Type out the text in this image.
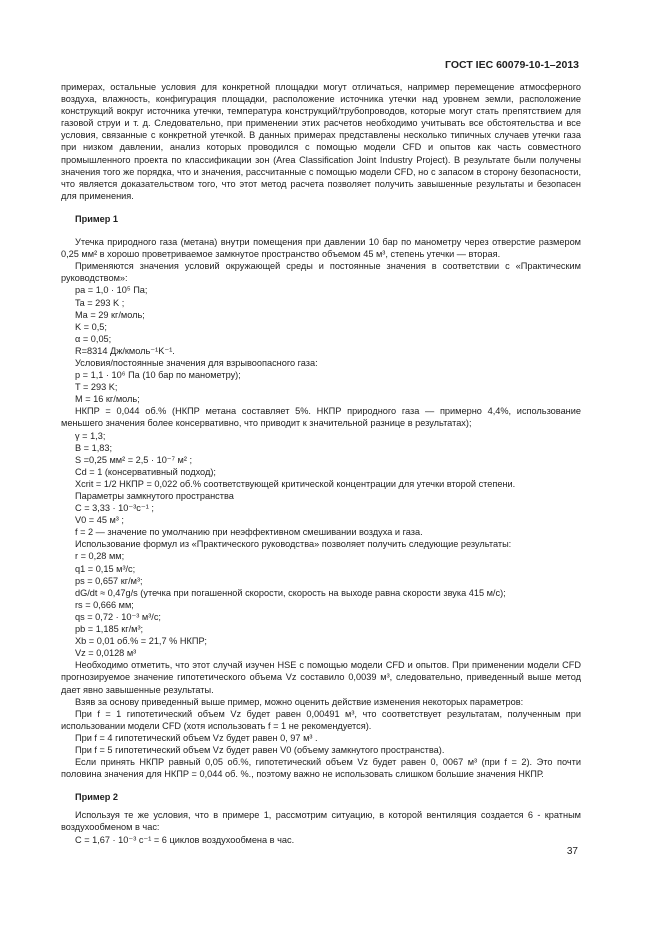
ГОСТ IEC 60079-10-1–2013

примерах, остальные условия для конкретной площадки могут отличаться, например перемещение атмосферного воздуха, влажность, конфигурация площадки, расположение источника утечки над уровнем земли, расположение конструкций вокруг источника утечки, температура конструкций/трубопроводов, которые могут стать препятствием для газовой струи и т. д. Следовательно, при применении этих расчетов необходимо учитывать все обстоятельства и все условия, связанные с конкретной утечкой. В данных примерах представлены несколько типичных случаев утечки газа при низком давлении, анализ которых проводился с помощью модели CFD и опытов как часть совместного промышленного проекта по классификации зон (Area Classification Joint Industry Project). В результате были получены значения того же порядка, что и значения, рассчитанные с помощью модели CFD, но с запасом в сторону безопасности, что является доказательством того, что этот метод расчета позволяет получить завышенные результаты и безопасен для применения.

Пример 1

Утечка природного газа (метана) внутри помещения при давлении 10 бар по манометру через отверстие размером 0,25 мм² в хорошо проветриваемое замкнутое пространство объемом 45 м³, степень утечки — вторая.

Применяются значения условий окружающей среды и постоянные значения в соответствии с «Практическим руководством»:

pa = 1,0 · 10⁵ Па;

Ta = 293 K ;

Ma = 29 кг/моль;

K = 0,5;

α = 0,05;

R=8314 Дж/кмоль⁻¹K⁻¹.

Условия/постоянные значения для взрывоопасного газа:

p = 1,1 · 10⁶ Па (10 бар по манометру);

T = 293 K;

M = 16 кг/моль;

НКПР = 0,044 об.% (НКПР метана составляет 5%. НКПР природного газа — примерно 4,4%, использование меньшего значения более консервативно, что приводит к значительной разнице в результатах);

γ = 1,3;

B = 1,83;

S =0,25 мм² = 2,5 · 10⁻⁷ м² ;

Cd = 1 (консервативный подход);

Xcrit = 1/2 НКПР = 0,022 об.% соответствующей критической концентрации для утечки второй степени.

Параметры замкнутого пространства

C = 3,33 · 10⁻³c⁻¹ ;

V0 = 45 м³ ;

f = 2 — значение по умолчанию при неэффективном смешивании воздуха и газа.

Использование формул из «Практического руководства» позволяет получить следующие результаты:

r = 0,28 мм;

q1 = 0,15 м³/c;

ps = 0,657 кг/м³;

dG/dt ≈ 0,47g/s (утечка при погашенной скорости, скорость на выходе равна скорости звука 415 м/с);

rs = 0,666 мм;

qs = 0,72 · 10⁻³ м³/с;

pb = 1,185 кг/м³;

Xb = 0,01 об.% = 21,7 % НКПР;

Vz = 0,0128 м³

Необходимо отметить, что этот случай изучен HSE с помощью модели CFD и опытов. При применении модели CFD прогнозируемое значение гипотетического объема Vz составило 0,0039 м³, следовательно, приведенный выше метод дает явно завышенные результаты.

Взяв за основу приведенный выше пример, можно оценить действие изменения некоторых параметров:

При f = 1 гипотетический объем Vz будет равен 0,00491 м³, что соответствует результатам, полученным при использовании модели CFD (хотя использовать f = 1 не рекомендуется).

При f = 4 гипотетический объем Vz будет равен 0, 97 м³ .

При f = 5 гипотетический объем Vz будет равен V0 (объему замкнутого пространства).

Если принять НКПР равный 0,05 об.%, гипотетический объем Vz будет равен 0, 0067 м³ (при f = 2). Это почти половина значения для НКПР = 0,044 об. %., поэтому важно не использовать слишком большие значения НКПР.

Пример 2

Используя те же условия, что в примере 1, рассмотрим ситуацию, в которой вентиляция создается 6 - кратным воздухообменом в час:

C = 1,67 · 10⁻³ c⁻¹ = 6 циклов воздухообмена в час.

37
